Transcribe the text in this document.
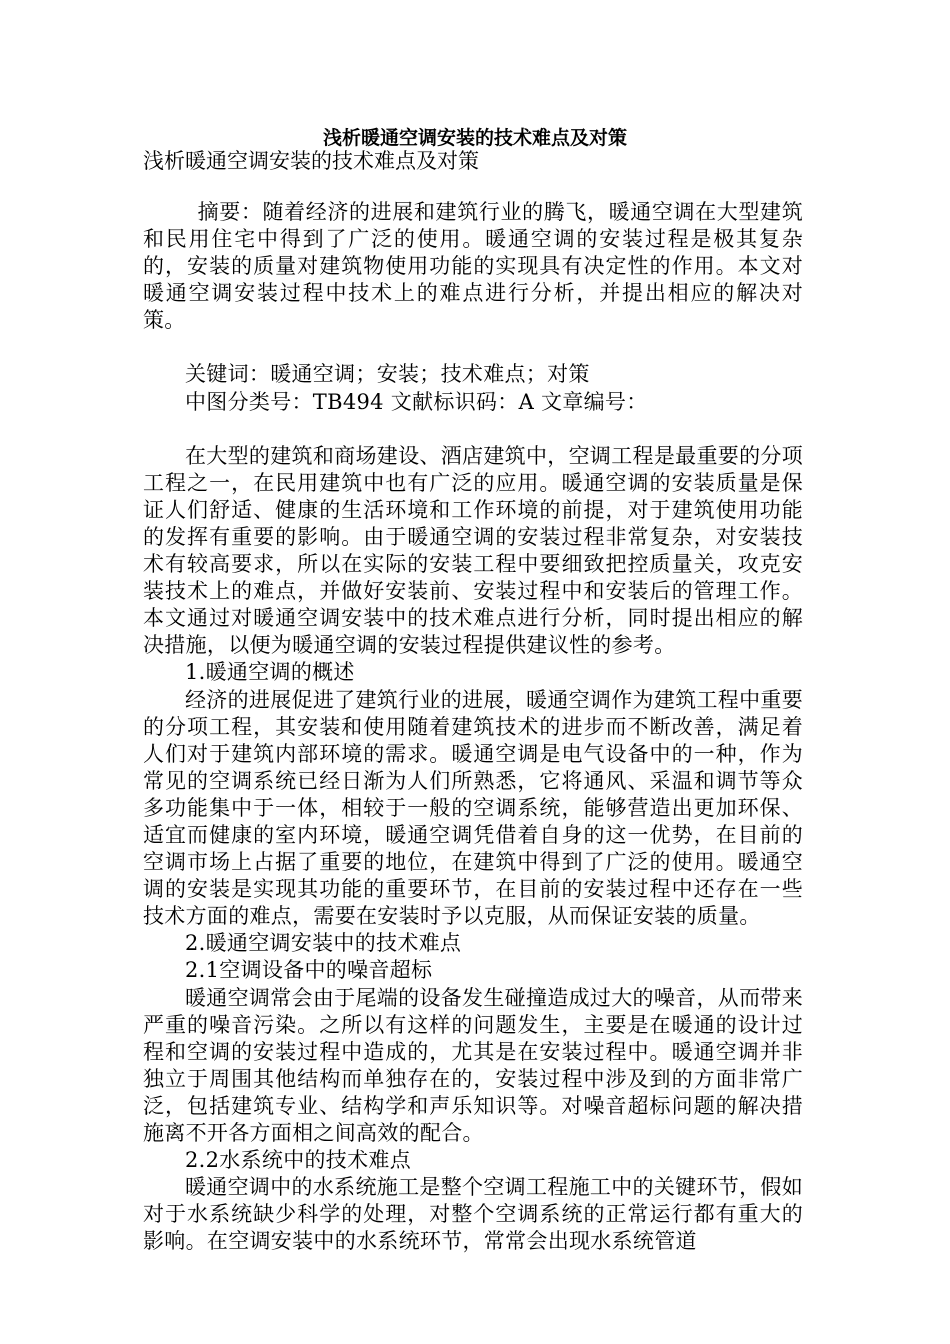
浅析暖通空调安装的技术难点及对策
浅析暖通空调安装的技术难点及对策

摘要：随着经济的进展和建筑行业的腾飞，暖通空调在大型建筑和民用住宅中得到了广泛的使用。暖通空调的安装过程是极其复杂的，安装的质量对建筑物使用功能的实现具有决定性的作用。本文对暖通空调安装过程中技术上的难点进行分析，并提出相应的解决对策。

关键词：暖通空调；安装；技术难点；对策

中图分类号：TB494 文献标识码：A 文章编号：

在大型的建筑和商场建设、酒店建筑中，空调工程是最重要的分项工程之一，在民用建筑中也有广泛的应用。暖通空调的安装质量是保证人们舒适、健康的生活环境和工作环境的前提，对于建筑使用功能的发挥有重要的影响。由于暖通空调的安装过程非常复杂，对安装技术有较高要求，所以在实际的安装工程中要细致把控质量关，攻克安装技术上的难点，并做好安装前、安装过程中和安装后的管理工作。本文通过对暖通空调安装中的技术难点进行分析，同时提出相应的解决措施，以便为暖通空调的安装过程提供建议性的参考。

1.暖通空调的概述

经济的进展促进了建筑行业的进展，暖通空调作为建筑工程中重要的分项工程，其安装和使用随着建筑技术的进步而不断改善，满足着人们对于建筑内部环境的需求。暖通空调是电气设备中的一种，作为常见的空调系统已经日渐为人们所熟悉，它将通风、采温和调节等众多功能集中于一体，相较于一般的空调系统，能够营造出更加环保、适宜而健康的室内环境，暖通空调凭借着自身的这一优势，在目前的空调市场上占据了重要的地位，在建筑中得到了广泛的使用。暖通空调的安装是实现其功能的重要环节，在目前的安装过程中还存在一些技术方面的难点，需要在安装时予以克服，从而保证安装的质量。

2.暖通空调安装中的技术难点

2.1空调设备中的噪音超标

暖通空调常会由于尾端的设备发生碰撞造成过大的噪音，从而带来严重的噪音污染。之所以有这样的问题发生，主要是在暖通的设计过程和空调的安装过程中造成的，尤其是在安装过程中。暖通空调并非独立于周围其他结构而单独存在的，安装过程中涉及到的方面非常广泛，包括建筑专业、结构学和声乐知识等。对噪音超标问题的解决措施离不开各方面相之间高效的配合。

2.2水系统中的技术难点

暖通空调中的水系统施工是整个空调工程施工中的关键环节，假如对于水系统缺少科学的处理，对整个空调系统的正常运行都有重大的影响。在空调安装中的水系统环节，常常会出现水系统管道
